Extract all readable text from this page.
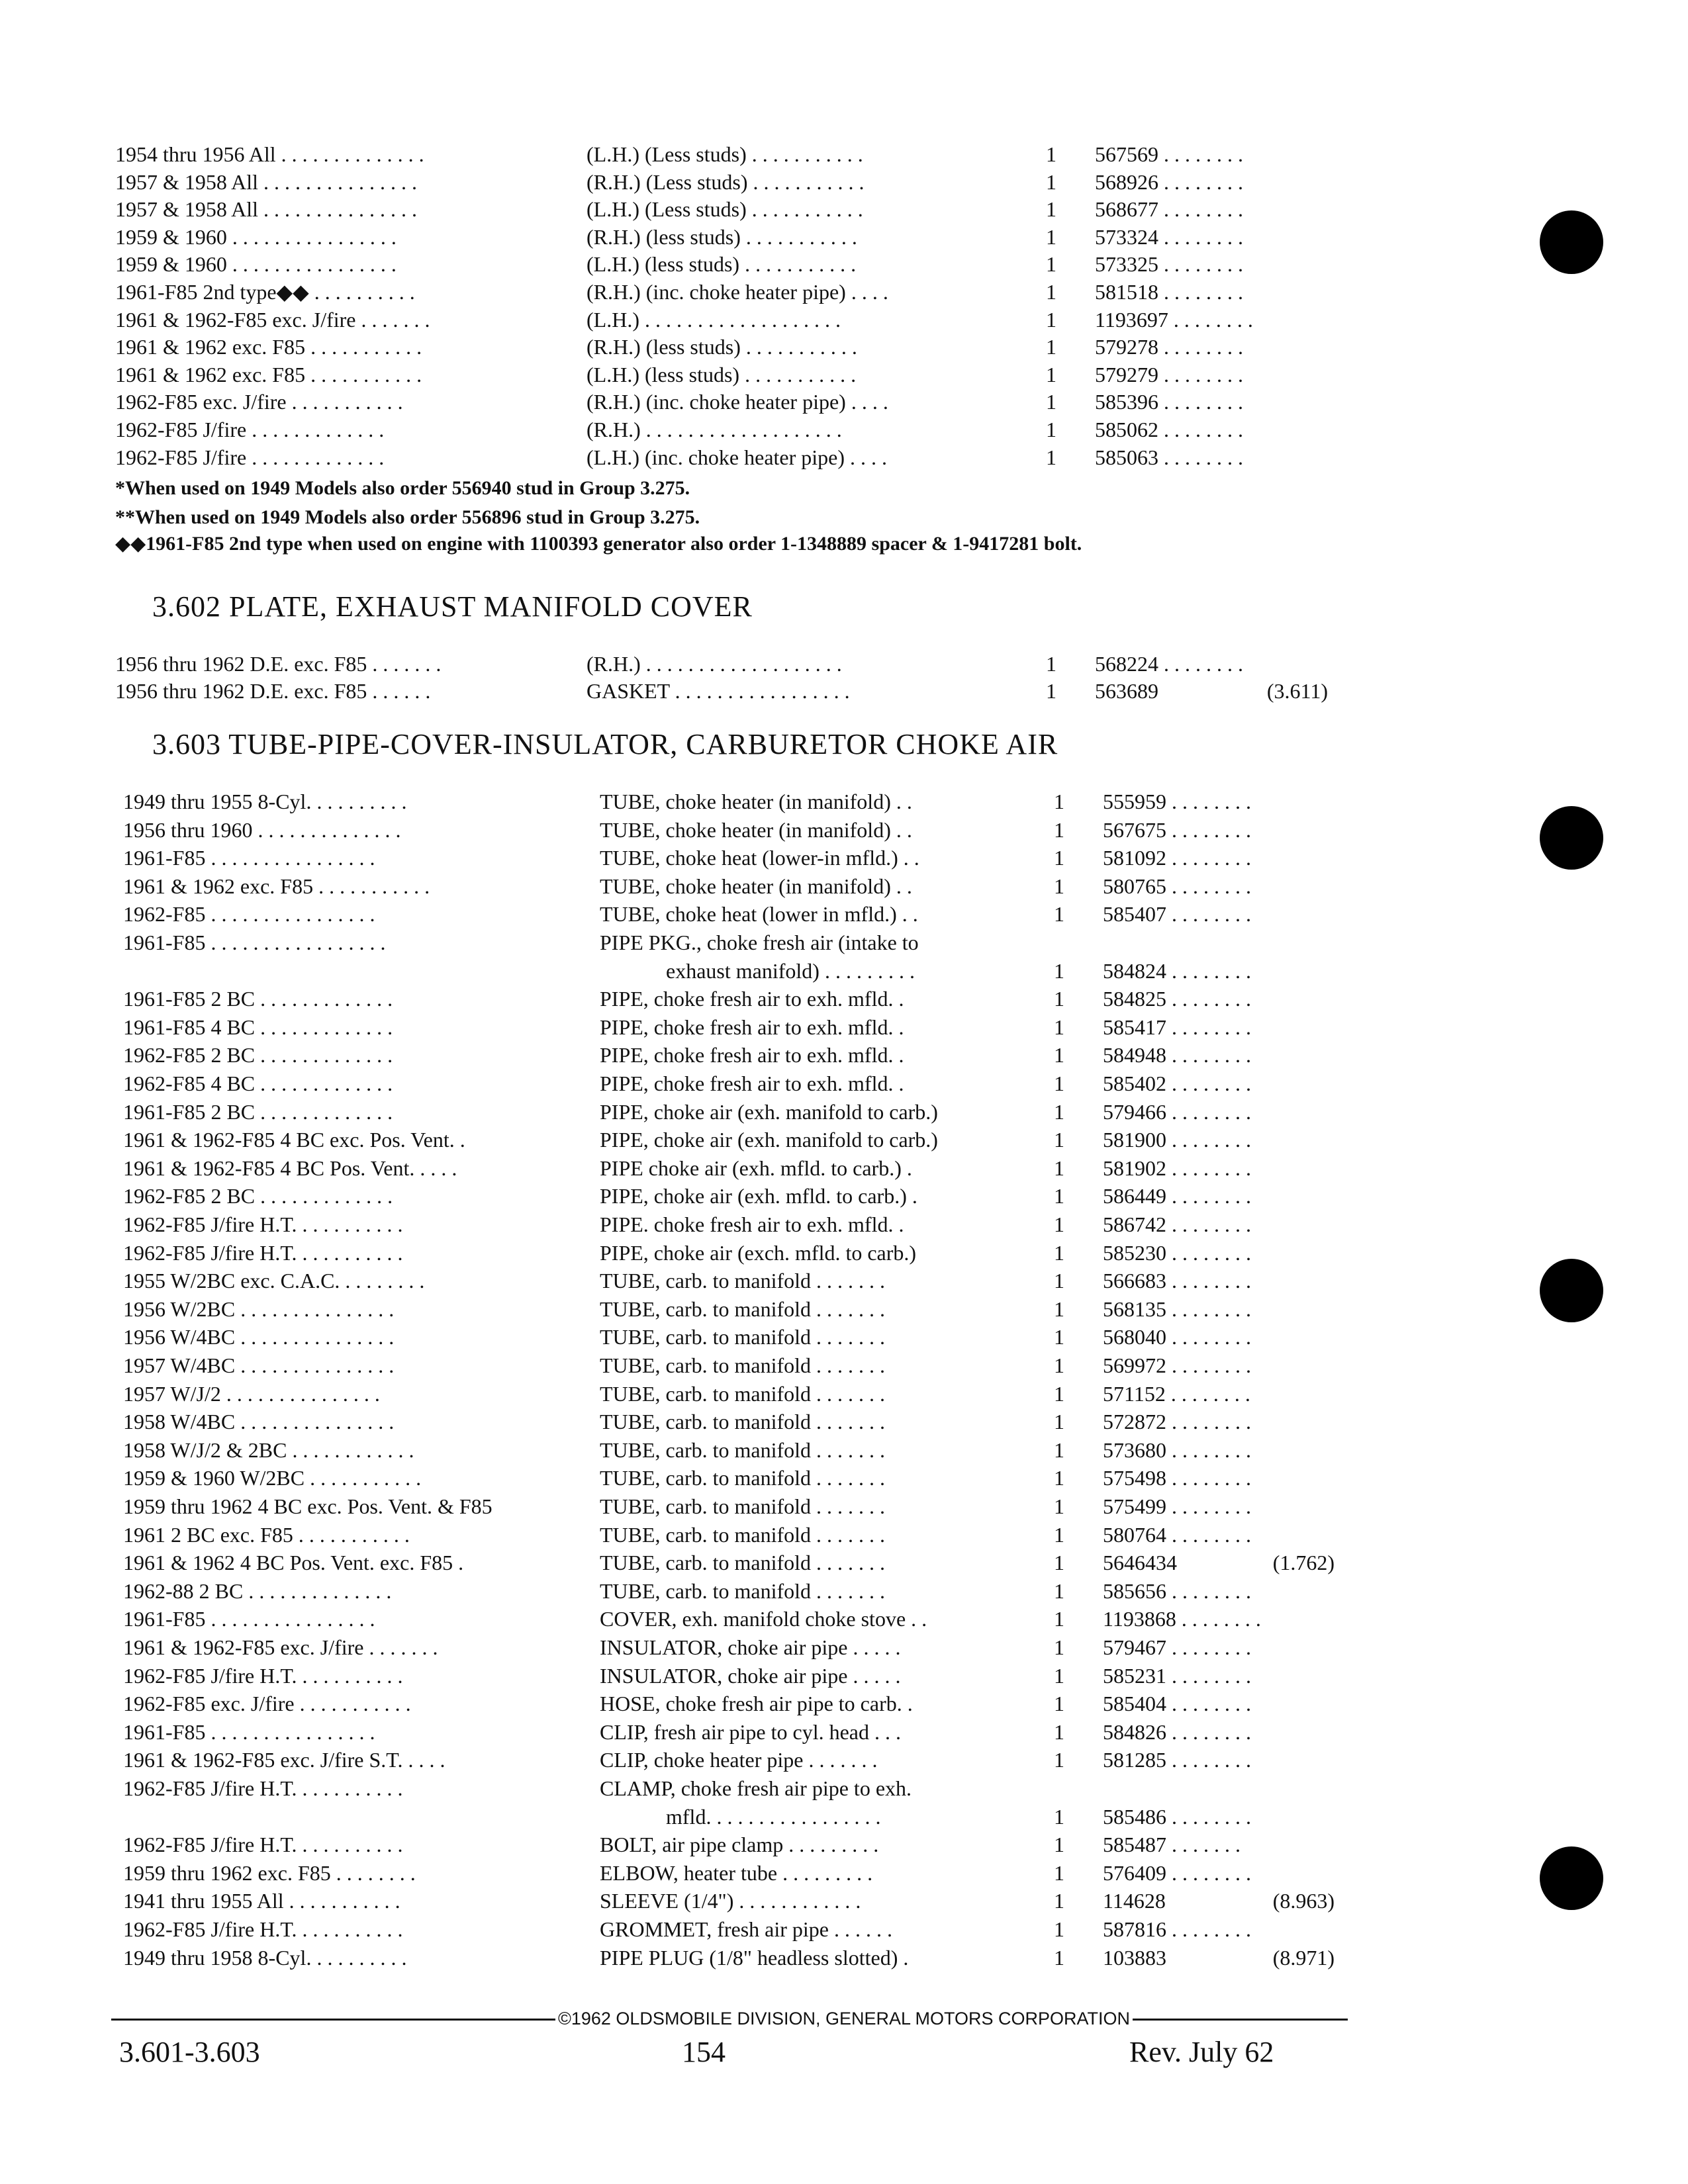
1954 thru 1956 All . . . . . . . . . . . . . .	(L.H.) (Less studs) . . . . . . . . . . .	1 567569 . . . . . . . .
1957 & 1958 All . . . . . . . . . . . . . . .	(R.H.) (Less studs) . . . . . . . . . . .	1 568926 . . . . . . . .
1957 & 1958 All . . . . . . . . . . . . . . .	(L.H.) (Less studs) . . . . . . . . . . .	1 568677 . . . . . . . .
1959 & 1960 . . . . . . . . . . . . . . . .	(R.H.) (less studs) . . . . . . . . . . .	1 573324 . . . . . . . .
1959 & 1960 . . . . . . . . . . . . . . . .	(L.H.) (less studs) . . . . . . . . . . .	1 573325 . . . . . . . .
1961-F85 2nd type◆◆ . . . . . . . . . .	(R.H.) (inc. choke heater pipe) . . . .	1 581518 . . . . . . . .
1961 & 1962-F85 exc. J/fire . . . . . . .	(L.H.) . . . . . . . . . . . . . . . . . . .	1 1193697 . . . . . . . .
1961 & 1962 exc. F85 . . . . . . . . . . .	(R.H.) (less studs) . . . . . . . . . . .	1 579278 . . . . . . . .
1961 & 1962 exc. F85 . . . . . . . . . . .	(L.H.) (less studs) . . . . . . . . . . .	1 579279 . . . . . . . .
1962-F85 exc. J/fire . . . . . . . . . . .	(R.H.) (inc. choke heater pipe) . . . .	1 585396 . . . . . . . .
1962-F85 J/fire . . . . . . . . . . . . .	(R.H.) . . . . . . . . . . . . . . . . . . .	1 585062 . . . . . . . .
1962-F85 J/fire . . . . . . . . . . . . .	(L.H.) (inc. choke heater pipe) . . . .	1 585063 . . . . . . . .
*When used on 1949 Models also order 556940 stud in Group 3.275.
**When used on 1949 Models also order 556896 stud in Group 3.275.
◆◆1961-F85 2nd type when used on engine with 1100393 generator also order 1-1348889 spacer & 1-9417281 bolt.
3.602 PLATE, EXHAUST MANIFOLD COVER
1956 thru 1962 D.E. exc. F85 . . . . . . .	(R.H.) . . . . . . . . . . . . . . . . . . .	1 568224 . . . . . . . .
1956 thru 1962 D.E. exc. F85 . . . . . .	GASKET . . . . . . . . . . . . . . . . .	1 563689	(3.611)
3.603 TUBE-PIPE-COVER-INSULATOR, CARBURETOR CHOKE AIR
1949 thru 1955 8-Cyl. . . . . . . . . .	TUBE, choke heater (in manifold) . .	1 555959 . . . . . . . .
1956 thru 1960 . . . . . . . . . . . . . .	TUBE, choke heater (in manifold) . .	1 567675 . . . . . . . .
1961-F85 . . . . . . . . . . . . . . . .	TUBE, choke heat (lower-in mfld.) . .	1 581092 . . . . . . . .
1961 & 1962 exc. F85 . . . . . . . . . . .	TUBE, choke heater (in manifold) . .	1 580765 . . . . . . . .
1962-F85 . . . . . . . . . . . . . . . .	TUBE, choke heat (lower in mfld.) . .	1 585407 . . . . . . . .
1961-F85 . . . . . . . . . . . . . . . . .	PIPE PKG., choke fresh air (intake to
exhaust manifold) . . . . . . . . .	1 584824 . . . . . . . .
1961-F85 2 BC . . . . . . . . . . . . .	PIPE, choke fresh air to exh. mfld. .	1 584825 . . . . . . . .
1961-F85 4 BC . . . . . . . . . . . . .	PIPE, choke fresh air to exh. mfld. .	1 585417 . . . . . . . .
1962-F85 2 BC . . . . . . . . . . . . .	PIPE, choke fresh air to exh. mfld. .	1 584948 . . . . . . . .
1962-F85 4 BC . . . . . . . . . . . . .	PIPE, choke fresh air to exh. mfld. .	1 585402 . . . . . . . .
1961-F85 2 BC . . . . . . . . . . . . .	PIPE, choke air (exh. manifold to carb.)	1 579466 . . . . . . . .
1961 & 1962-F85 4 BC exc. Pos. Vent. .	PIPE, choke air (exh. manifold to carb.)	1 581900 . . . . . . . .
1961 & 1962-F85 4 BC Pos. Vent. . . . .	PIPE choke air (exh. mfld. to carb.) .	1 581902 . . . . . . . .
1962-F85 2 BC . . . . . . . . . . . . .	PIPE, choke air (exh. mfld. to carb.) .	1 586449 . . . . . . . .
1962-F85 J/fire H.T. . . . . . . . . . .	PIPE. choke fresh air to exh. mfld. .	1 586742 . . . . . . . .
1962-F85 J/fire H.T. . . . . . . . . . .	PIPE, choke air (exch. mfld. to carb.)	1 585230 . . . . . . . .
1955 W/2BC exc. C.A.C. . . . . . . . .	TUBE, carb. to manifold . . . . . . .	1 566683 . . . . . . . .
1956 W/2BC . . . . . . . . . . . . . . .	TUBE, carb. to manifold . . . . . . .	1 568135 . . . . . . . .
1956 W/4BC . . . . . . . . . . . . . . .	TUBE, carb. to manifold . . . . . . .	1 568040 . . . . . . . .
1957 W/4BC . . . . . . . . . . . . . . .	TUBE, carb. to manifold . . . . . . .	1 569972 . . . . . . . .
1957 W/J/2 . . . . . . . . . . . . . . .	TUBE, carb. to manifold . . . . . . .	1 571152 . . . . . . . .
1958 W/4BC . . . . . . . . . . . . . . .	TUBE, carb. to manifold . . . . . . .	1 572872 . . . . . . . .
1958 W/J/2 & 2BC . . . . . . . . . . . .	TUBE, carb. to manifold . . . . . . .	1 573680 . . . . . . . .
1959 & 1960 W/2BC . . . . . . . . . . .	TUBE, carb. to manifold . . . . . . .	1 575498 . . . . . . . .
1959 thru 1962 4 BC exc. Pos. Vent. & F85	TUBE, carb. to manifold . . . . . . .	1 575499 . . . . . . . .
1961 2 BC exc. F85 . . . . . . . . . . .	TUBE, carb. to manifold . . . . . . .	1 580764 . . . . . . . .
1961 & 1962 4 BC Pos. Vent. exc. F85 .	TUBE, carb. to manifold . . . . . . .	1 5646434	(1.762)
1962-88 2 BC . . . . . . . . . . . . . .	TUBE, carb. to manifold . . . . . . .	1 585656 . . . . . . . .
1961-F85 . . . . . . . . . . . . . . . .	COVER, exh. manifold choke stove . .	1 1193868 . . . . . . . .
1961 & 1962-F85 exc. J/fire . . . . . . .	INSULATOR, choke air pipe . . . . .	1 579467 . . . . . . . .
1962-F85 J/fire H.T. . . . . . . . . . .	INSULATOR, choke air pipe . . . . .	1 585231 . . . . . . . .
1962-F85 exc. J/fire . . . . . . . . . . .	HOSE, choke fresh air pipe to carb. .	1 585404 . . . . . . . .
1961-F85 . . . . . . . . . . . . . . . .	CLIP, fresh air pipe to cyl. head . . .	1 584826 . . . . . . . .
1961 & 1962-F85 exc. J/fire S.T. . . . .	CLIP, choke heater pipe . . . . . . .	1 581285 . . . . . . . .
1962-F85 J/fire H.T. . . . . . . . . . .	CLAMP, choke fresh air pipe to exh.
mfld. . . . . . . . . . . . . . . . .	1 585486 . . . . . . . .
1962-F85 J/fire H.T. . . . . . . . . . .	BOLT, air pipe clamp . . . . . . . . .	1 585487 . . . . . . .
1959 thru 1962 exc. F85 . . . . . . . .	ELBOW, heater tube . . . . . . . . .	1 576409 . . . . . . . .
1941 thru 1955 All . . . . . . . . . . .	SLEEVE (1/4") . . . . . . . . . . . .	1 114628	(8.963)
1962-F85 J/fire H.T. . . . . . . . . . .	GROMMET, fresh air pipe . . . . . .	1 587816 . . . . . . . .
1949 thru 1958 8-Cyl. . . . . . . . . .	PIPE PLUG (1/8" headless slotted) .	1 103883	(8.971)
©1962 OLDSMOBILE DIVISION, GENERAL MOTORS CORPORATION
3.601-3.603	154	Rev. July 62
